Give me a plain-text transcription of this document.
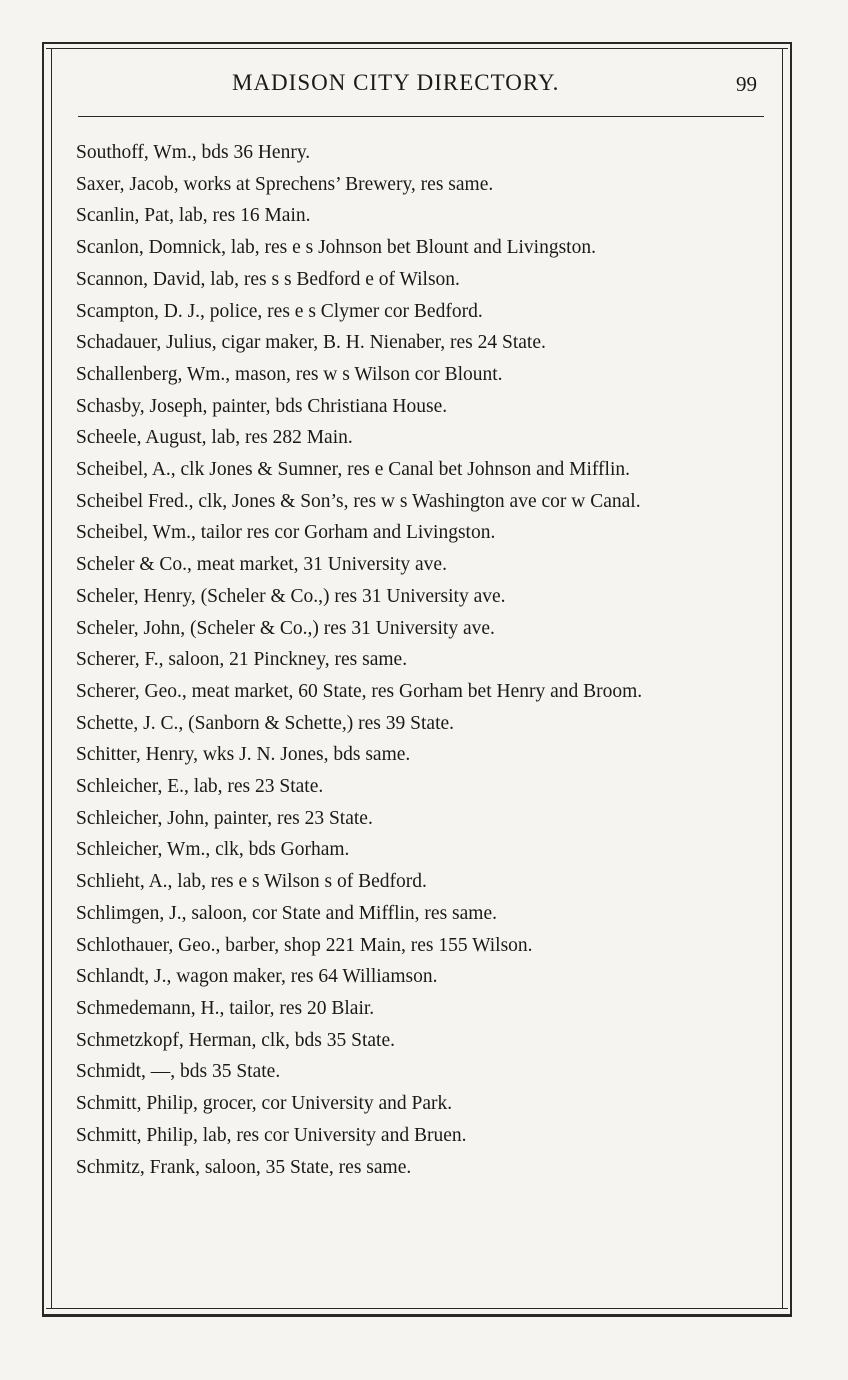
MADISON CITY DIRECTORY.	99
Southoff, Wm., bds 36 Henry.
Saxer, Jacob, works at Sprechens’ Brewery, res same.
Scanlin, Pat, lab, res 16 Main.
Scanlon, Domnick, lab, res e s Johnson bet Blount and Livingston.
Scannon, David, lab, res s s Bedford e of Wilson.
Scampton, D. J., police, res e s Clymer cor Bedford.
Schadauer, Julius, cigar maker, B. H. Nienaber, res 24 State.
Schallenberg, Wm., mason, res w s Wilson cor Blount.
Schasby, Joseph, painter, bds Christiana House.
Scheele, August, lab, res 282 Main.
Scheibel, A., clk Jones & Sumner, res e Canal bet Johnson and Mifflin.
Scheibel Fred., clk, Jones & Son’s, res w s Washington ave cor w Canal.
Scheibel, Wm., tailor res cor Gorham and Livingston.
Scheler & Co., meat market, 31 University ave.
Scheler, Henry, (Scheler & Co.,) res 31 University ave.
Scheler, John, (Scheler & Co.,) res 31 University ave.
Scherer, F., saloon, 21 Pinckney, res same.
Scherer, Geo., meat market, 60 State, res Gorham bet Henry and Broom.
Schette, J. C., (Sanborn & Schette,) res 39 State.
Schitter, Henry, wks J. N. Jones, bds same.
Schleicher, E., lab, res 23 State.
Schleicher, John, painter, res 23 State.
Schleicher, Wm., clk, bds Gorham.
Schlieht, A., lab, res e s Wilson s of Bedford.
Schlimgen, J., saloon, cor State and Mifflin, res same.
Schlothauer, Geo., barber, shop 221 Main, res 155 Wilson.
Schlandt, J., wagon maker, res 64 Williamson.
Schmedemann, H., tailor, res 20 Blair.
Schmetzkopf, Herman, clk, bds 35 State.
Schmidt, —, bds 35 State.
Schmitt, Philip, grocer, cor University and Park.
Schmitt, Philip, lab, res cor University and Bruen.
Schmitz, Frank, saloon, 35 State, res same.
